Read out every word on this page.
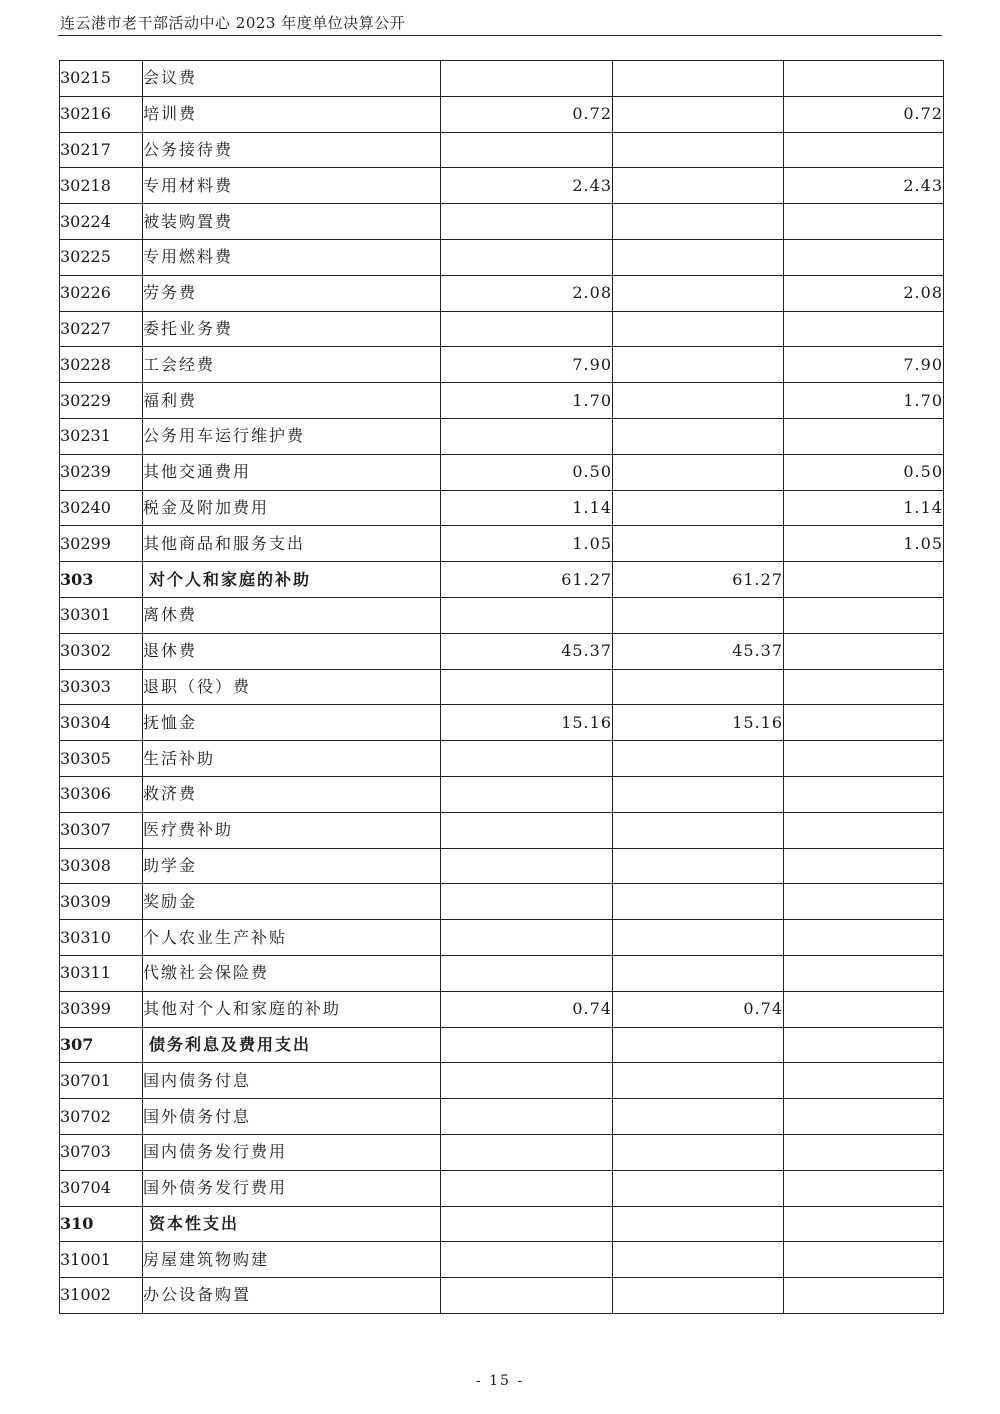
连云港市老干部活动中心 2023 年度单位决算公开
30215	会议费			
30216	培训费	0.72		0.72
30217	公务接待费			
30218	专用材料费	2.43		2.43
30224	被装购置费			
30225	专用燃料费			
30226	劳务费	2.08		2.08
30227	委托业务费			
30228	工会经费	7.90		7.90
30229	福利费	1.70		1.70
30231	公务用车运行维护费			
30239	其他交通费用	0.50		0.50
30240	税金及附加费用	1.14		1.14
30299	其他商品和服务支出	1.05		1.05
303	对个人和家庭的补助	61.27	61.27	
30301	离休费			
30302	退休费	45.37	45.37	
30303	退职（役）费			
30304	抚恤金	15.16	15.16	
30305	生活补助			
30306	救济费			
30307	医疗费补助			
30308	助学金			
30309	奖励金			
30310	个人农业生产补贴			
30311	代缴社会保险费			
30399	其他对个人和家庭的补助	0.74	0.74	
307	债务利息及费用支出			
30701	国内债务付息			
30702	国外债务付息			
30703	国内债务发行费用			
30704	国外债务发行费用			
310	资本性支出			
31001	房屋建筑物购建			
31002	办公设备购置			
- 15 -
